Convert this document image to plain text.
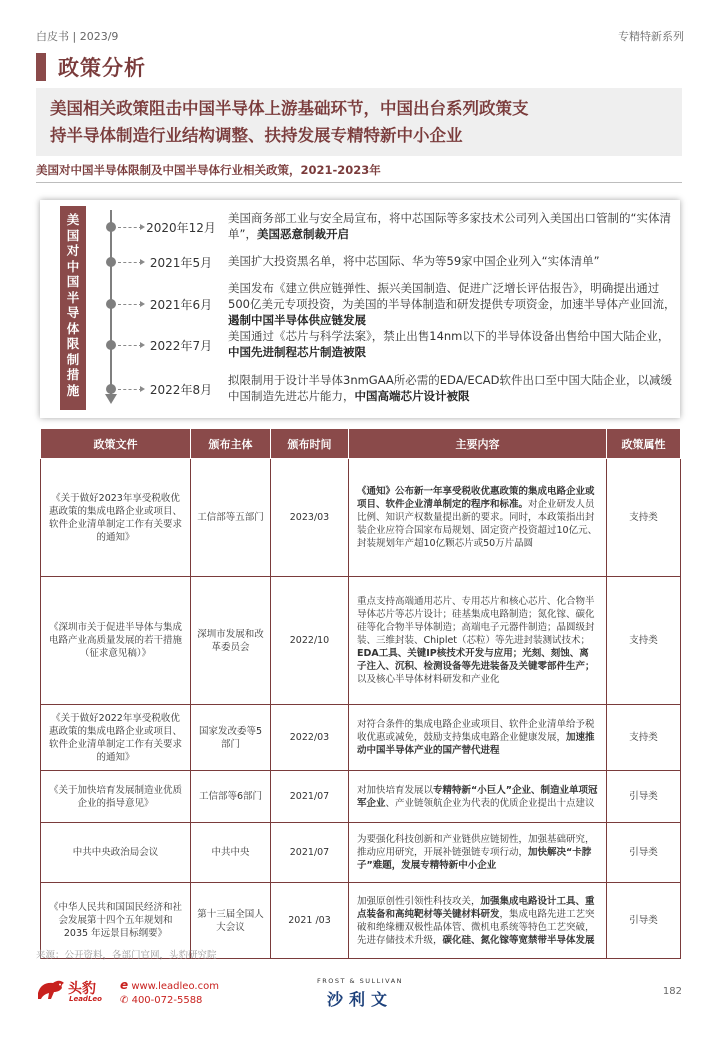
白皮书 | 2023/9	专精特新系列
政策分析
美国相关政策阻击中国半导体上游基础环节，中国出台系列政策支
持半导体制造行业结构调整、扶持发展专精特新中小企业
美国对中国半导体限制及中国半导体行业相关政策，2021-2023年
美
国
对
中
国
半
导
体
限
制
措
施
2020年12月
美国商务部工业与安全局宣布，将中芯国际等多家技术公司列入美国出口管制的“实体清单”，美国恶意制裁开启
2021年5月	美国扩大投资黑名单，将中芯国际、华为等59家中国企业列入“实体清单”
2021年6月
美国发布《建立供应链弹性、振兴美国制造、促进广泛增长评估报告》，明确提出通过500亿美元专项投资，为美国的半导体制造和研发提供专项资金，加速半导体产业回流，遏制中国半导体供应链发展
2022年7月
美国通过《芯片与科学法案》，禁止出售14nm以下的半导体设备出售给中国大陆企业，中国先进制程芯片制造被限
2022年8月
拟限制用于设计半导体3nmGAA所必需的EDA/ECAD软件出口至中国大陆企业，以减缓中国制造先进芯片能力，中国高端芯片设计被限
政策文件	颁布主体	颁布时间	主要内容	政策属性
《关于做好2023年享受税收优惠政策的集成电路企业或项目、软件企业清单制定工作有关要求的通知》	工信部等五部门	2023/03	《通知》公布新一年享受税收优惠政策的集成电路企业或项目、软件企业清单制定的程序和标准。对企业研发人员比例、知识产权数量提出新的要求。同时，本政策指出封装企业应符合国家布局规划、固定资产投资超过10亿元、封装规划年产超10亿颗芯片或50万片晶圆	支持类
《深圳市关于促进半导体与集成电路产业高质量发展的若干措施（征求意见稿）》	深圳市发展和改革委员会	2022/10	重点支持高端通用芯片、专用芯片和核心芯片、化合物半导体芯片等芯片设计；硅基集成电路制造；氮化镓、碳化硅等化合物半导体制造；高端电子元器件制造；晶圆级封装、三维封装、Chiplet（芯粒）等先进封装测试技术；EDA工具、关键IP核技术开发与应用；光刻、刻蚀、离子注入、沉积、检测设备等先进装备及关键零部件生产；以及核心半导体材料研发和产业化	支持类
《关于做好2022年享受税收优惠政策的集成电路企业或项目、软件企业清单制定工作有关要求的通知》	国家发改委等5部门	2022/03	对符合条件的集成电路企业或项目、软件企业清单给予税收优惠或减免，鼓励支持集成电路企业健康发展，加速推动中国半导体产业的国产替代进程	支持类
《关于加快培育发展制造业优质企业的指导意见》	工信部等6部门	2021/07	对加快培育发展以专精特新“小巨人”企业、制造业单项冠军企业、产业链领航企业为代表的优质企业提出十点建议	引导类
中共中央政治局会议	中共中央	2021/07	为要强化科技创新和产业链供应链韧性，加强基础研究，推动应用研究，开展补链强链专项行动，加快解决“卡脖子”难题，发展专精特新中小企业	引导类
《中华人民共和国国民经济和社会发展第十四个五年规划和 2035 年远景目标纲要》	第十三届全国人大会议	2021 /03	加强原创性引领性科技攻关，加强集成电路设计工具、重点装备和高纯靶材等关键材料研发，集成电路先进工艺突破和绝缘栅双极性晶体管、微机电系统等特色工艺突破，先进存储技术升级，碳化硅、氮化镓等宽禁带半导体发展	引导类
来源：公开资料，各部门官网，头豹研究院
头豹
LeadLeo
e www.leadleo.com
✆ 400-072-5588
FROST & SULLIVAN
沙利文	182
